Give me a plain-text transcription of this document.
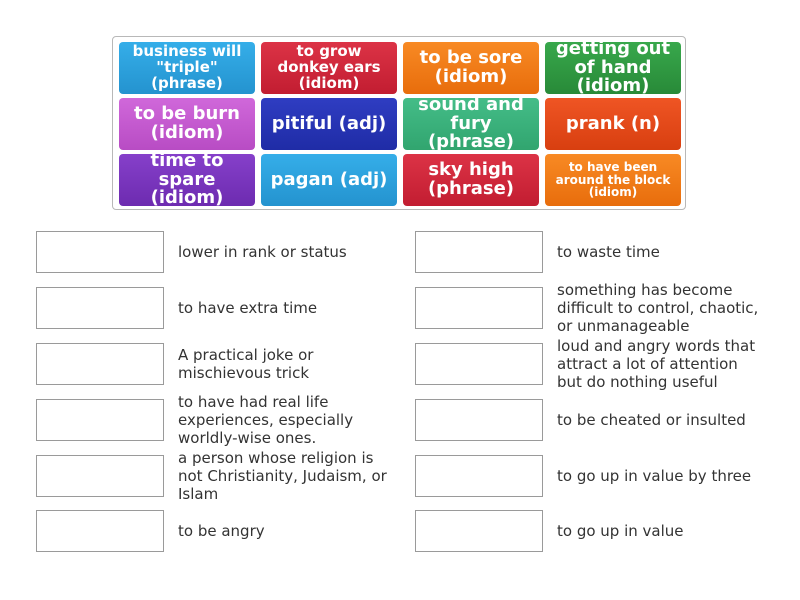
business will "triple" (phrase)
to grow donkey ears (idiom)
to be sore (idiom)
getting out of hand (idiom)
to be burn (idiom)	pitiful (adj)
sound and fury (phrase)
prank (n)
time to spare (idiom)
pagan (adj)	sky high (phrase)
to have been around the block (idiom)
lower in rank or status
to have extra time
A practical joke or mischievous trick
to have had real life experiences, especially worldly-wise ones.
a person whose religion is not Christianity, Judaism, or Islam
to be angry
to waste time
something has become difficult to control, chaotic, or unmanageable
loud and angry words that attract a lot of attention but do nothing useful
to be cheated or insulted
to go up in value by three
to go up in value
